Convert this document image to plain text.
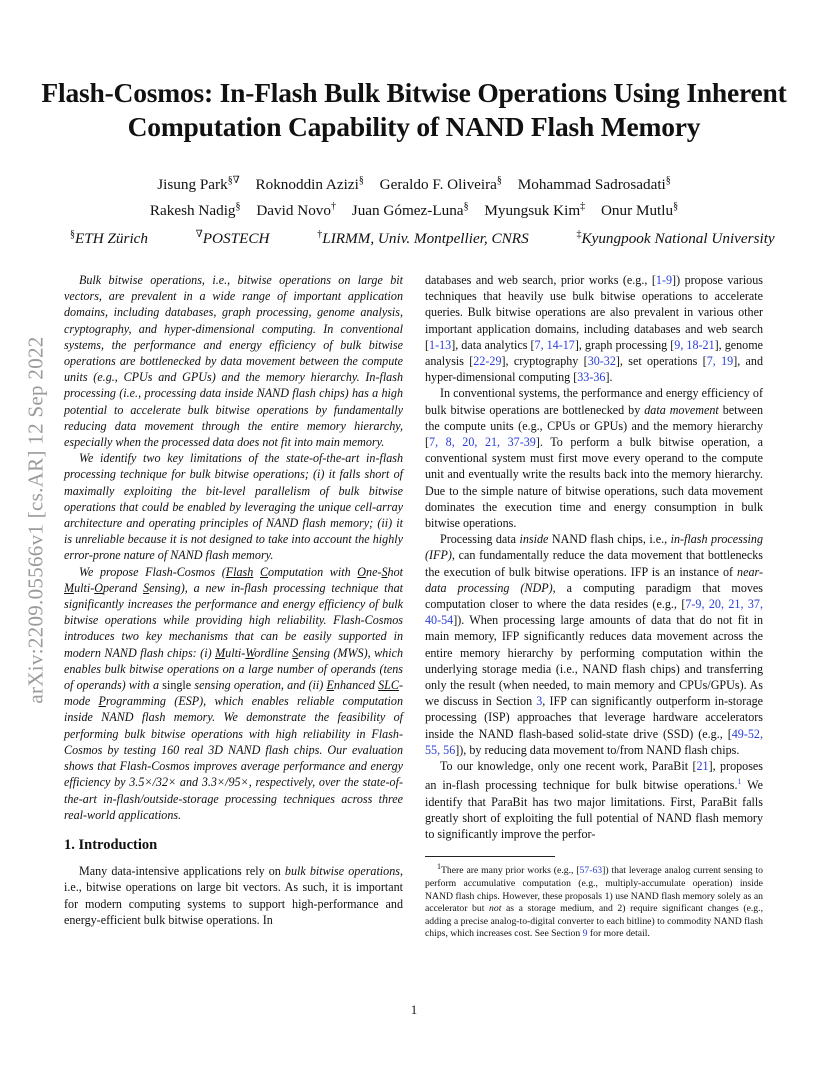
Flash-Cosmos: In-Flash Bulk Bitwise Operations Using Inherent Computation Capability of NAND Flash Memory
Jisung Park§∇ Roknoddin Azizi§ Geraldo F. Oliveira§ Mohammad Sadrosadati§
Rakesh Nadig§ David Novo† Juan Gómez-Luna§ Myungsuk Kim‡ Onur Mutlu§
§ETH Zürich	∇POSTECH	†LIRMM, Univ. Montpellier, CNRS	‡Kyungpook National University
arXiv:2209.05566v1 [cs.AR] 12 Sep 2022

Bulk bitwise operations, i.e., bitwise operations on large bit vectors, are prevalent in a wide range of important application domains, including databases, graph processing, genome analysis, cryptography, and hyper-dimensional computing. In conventional systems, the performance and energy efficiency of bulk bitwise operations are bottlenecked by data movement between the compute units (e.g., CPUs and GPUs) and the memory hierarchy. In-flash processing (i.e., processing data inside NAND flash chips) has a high potential to accelerate bulk bitwise operations by fundamentally reducing data movement through the entire memory hierarchy, especially when the processed data does not fit into main memory.

We identify two key limitations of the state-of-the-art in-flash processing technique for bulk bitwise operations; (i) it falls short of maximally exploiting the bit-level parallelism of bulk bitwise operations that could be enabled by leveraging the unique cell-array architecture and operating principles of NAND flash memory; (ii) it is unreliable because it is not designed to take into account the highly error-prone nature of NAND flash memory.

We propose Flash-Cosmos (Flash Computation with One-Shot Multi-Operand Sensing), a new in-flash processing technique that significantly increases the performance and energy efficiency of bulk bitwise operations while providing high reliability. Flash-Cosmos introduces two key mechanisms that can be easily supported in modern NAND flash chips: (i) Multi-Wordline Sensing (MWS), which enables bulk bitwise operations on a large number of operands (tens of operands) with a single sensing operation, and (ii) Enhanced SLC-mode Programming (ESP), which enables reliable computation inside NAND flash memory. We demonstrate the feasibility of performing bulk bitwise operations with high reliability in Flash-Cosmos by testing 160 real 3D NAND flash chips. Our evaluation shows that Flash-Cosmos improves average performance and energy efficiency by 3.5×/32× and 3.3×/95×, respectively, over the state-of-the-art in-flash/outside-storage processing techniques across three real-world applications.

1. Introduction

Many data-intensive applications rely on bulk bitwise operations, i.e., bitwise operations on large bit vectors. As such, it is important for modern computing systems to support high-performance and energy-efficient bulk bitwise operations. In

databases and web search, prior works (e.g., [1-9]) propose various techniques that heavily use bulk bitwise operations to accelerate queries. Bulk bitwise operations are also prevalent in various other important application domains, including databases and web search [1-13], data analytics [7, 14-17], graph processing [9, 18-21], genome analysis [22-29], cryptography [30-32], set operations [7, 19], and hyper-dimensional computing [33-36].

In conventional systems, the performance and energy efficiency of bulk bitwise operations are bottlenecked by data movement between the compute units (e.g., CPUs or GPUs) and the memory hierarchy [7, 8, 20, 21, 37-39]. To perform a bulk bitwise operation, a conventional system must first move every operand to the compute unit and eventually write the results back into the memory hierarchy. Due to the simple nature of bitwise operations, such data movement dominates the execution time and energy consumption in bulk bitwise operations.

Processing data inside NAND flash chips, i.e., in-flash processing (IFP), can fundamentally reduce the data movement that bottlenecks the execution of bulk bitwise operations. IFP is an instance of near-data processing (NDP), a computing paradigm that moves computation closer to where the data resides (e.g., [7-9, 20, 21, 37, 40-54]). When processing large amounts of data that do not fit in main memory, IFP significantly reduces data movement across the entire memory hierarchy by performing computation within the underlying storage media (i.e., NAND flash chips) and transferring only the result (when needed, to main memory and CPUs/GPUs). As we discuss in Section 3, IFP can significantly outperform in-storage processing (ISP) approaches that leverage hardware accelerators inside the NAND flash-based solid-state drive (SSD) (e.g., [49-52, 55, 56]), by reducing data movement to/from NAND flash chips.

To our knowledge, only one recent work, ParaBit [21], proposes an in-flash processing technique for bulk bitwise operations.$^1$ We identify that ParaBit has two major limitations. First, ParaBit falls greatly short of exploiting the full potential of NAND flash memory to significantly improve the perfor-

$^1$There are many prior works (e.g., [57-63]) that leverage analog current sensing to perform accumulative computation (e.g., multiply-accumulate operation) inside NAND flash chips. However, these proposals 1) use NAND flash memory solely as an accelerator but not as a storage medium, and 2) require significant changes (e.g., adding a precise analog-to-digital converter to each bitline) to commodity NAND flash chips, which increases cost. See Section 9 for more detail.

1
